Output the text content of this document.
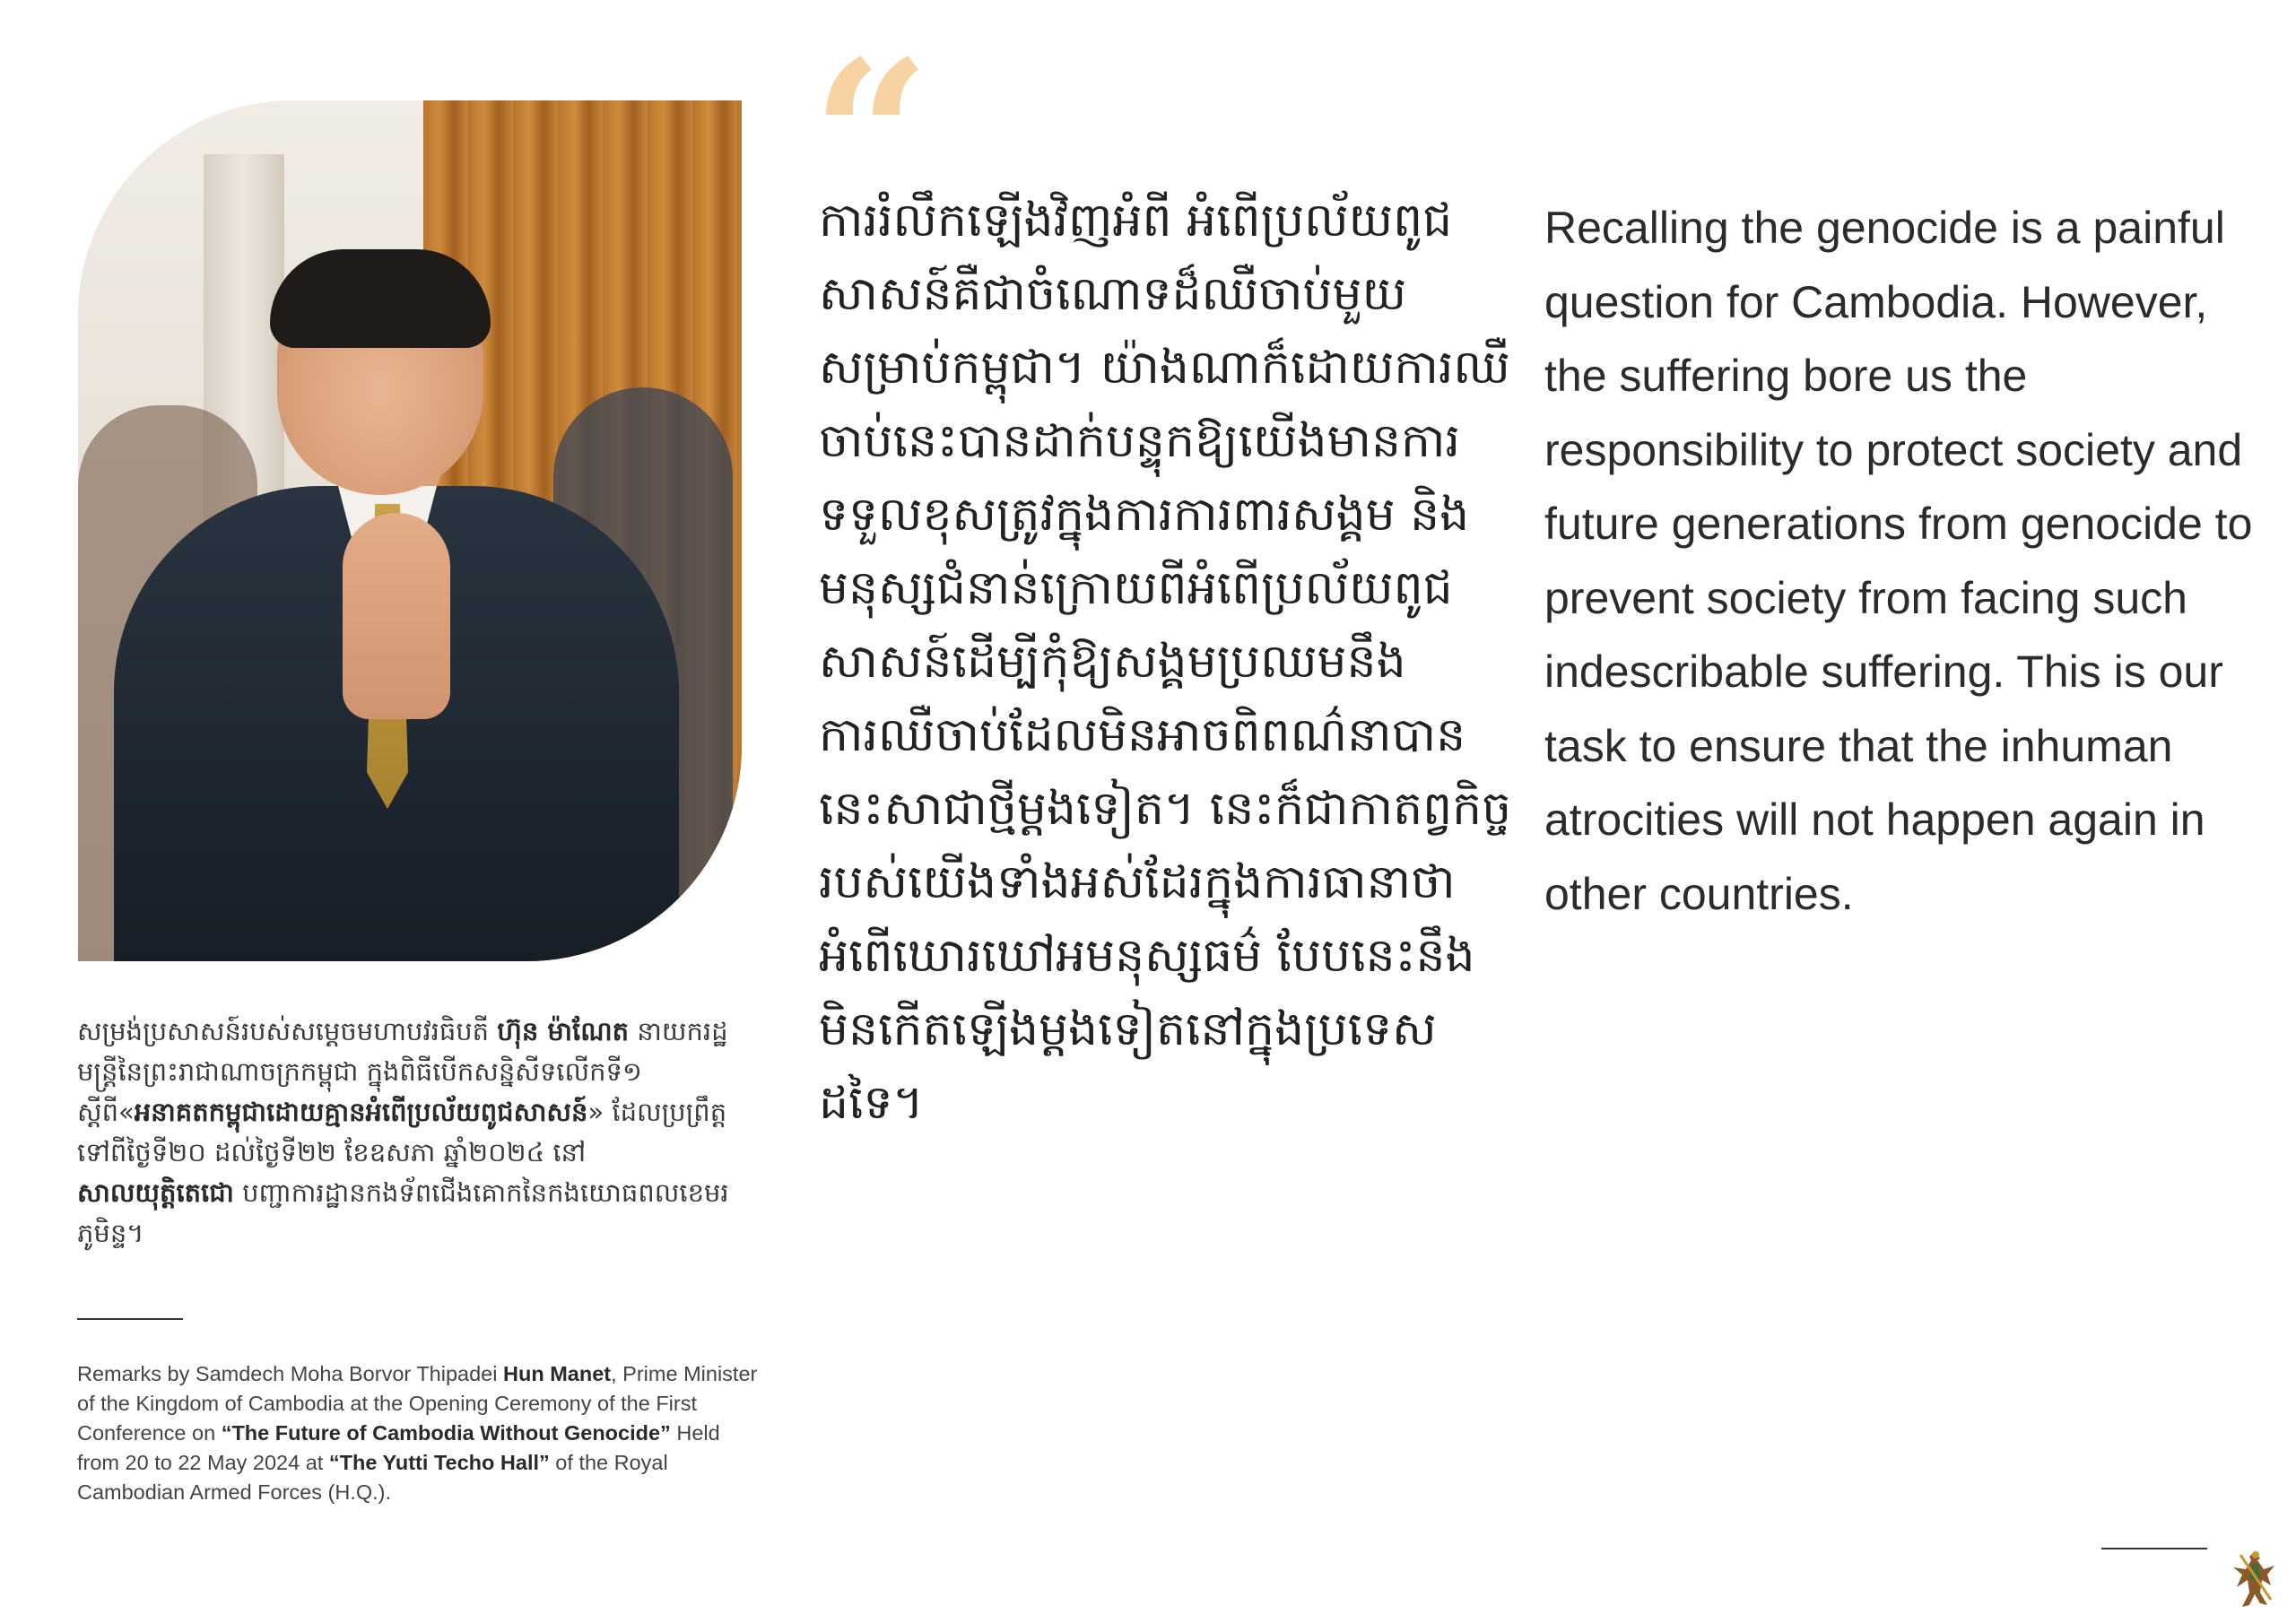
“

ការរំលឹកឡើងវិញអំពី អំពើប្រល័យពូជសាសន៍គឺជាចំណោទដ៏ឈឺចាប់មួយសម្រាប់កម្ពុជា។ យ៉ាងណាក៏ដោយការឈឺចាប់នេះបានដាក់បន្ទុកឱ្យយើងមានការទទួលខុសត្រូវក្នុងការការពារសង្គម និងមនុស្សជំនាន់ក្រោយពីអំពើប្រល័យពូជសាសន៍ដើម្បីកុំឱ្យសង្គមប្រឈមនឹងការឈឺចាប់ដែលមិនអាចពិពណ៌នាបាននេះសាជាថ្មីម្តងទៀត។ នេះក៏ជាកាតព្វកិច្ចរបស់យើងទាំងអស់ដែរក្នុងការធានាថាអំពើឃោរឃៅអមនុស្សធម៌ បែបនេះនឹងមិនកើតឡើងម្តងទៀតនៅក្នុងប្រទេសដទៃ។

Recalling the genocide is a painful question for Cambodia. However, the suffering bore us the responsibility to protect society and future generations from genocide to prevent society from facing such indescribable suffering. This is our task to ensure that the inhuman atrocities will not happen again in other countries.

សម្រង់ប្រសាសន៍របស់សម្តេចមហាបវរធិបតី ហ៊ុន ម៉ាណែត នាយករដ្ឋមន្ត្រីនៃព្រះរាជាណាចក្រកម្ពុជា ក្នុងពិធីបើកសន្និសីទលើកទី១ ស្តីពី«អនាគតកម្ពុជាដោយគ្មានអំពើប្រល័យពូជសាសន៍» ដែលប្រព្រឹត្តទៅពីថ្ងៃទី២០ ដល់ថ្ងៃទី២២ ខែឧសភា ឆ្នាំ២០២៤ នៅ សាលយុត្តិតេជោ បញ្ជាការដ្ឋានកងទ័ពជើងគោកនៃកងយោធពលខេមរភូមិន្ទ។

Remarks by Samdech Moha Borvor Thipadei Hun Manet, Prime Minister of the Kingdom of Cambodia at the Opening Ceremony of the First Conference on “The Future of Cambodia Without Genocide” Held from 20 to 22 May 2024 at “The Yutti Techo Hall” of the Royal Cambodian Armed Forces (H.Q.).
